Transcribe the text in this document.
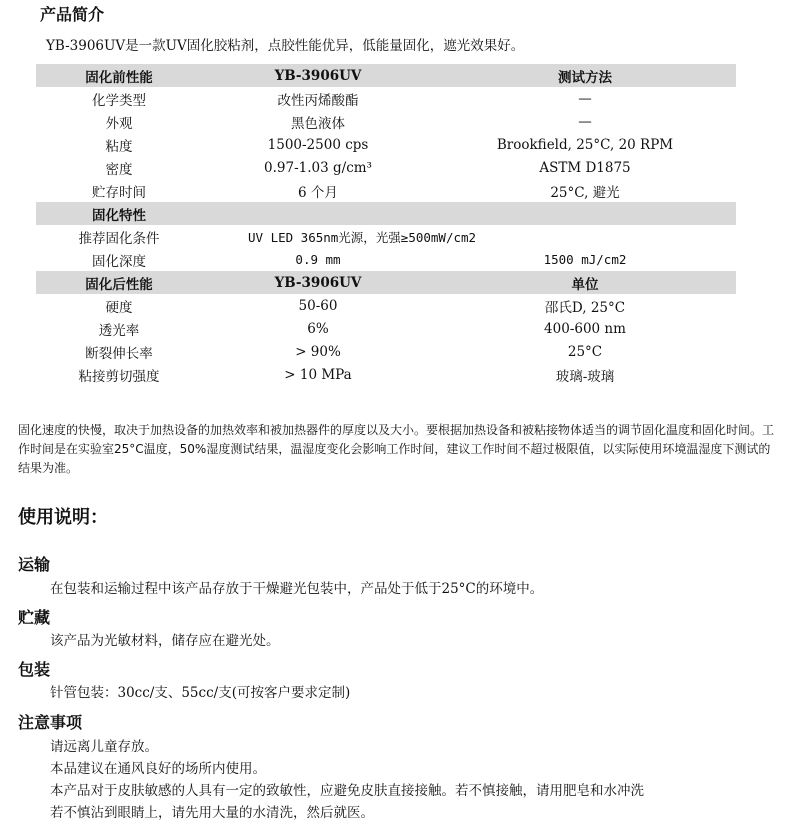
产品简介
YB-3906UV是一款UV固化胶粘剂，点胶性能优异，低能量固化，遮光效果好。
固化前性能	YB-3906UV	测试方法
化学类型	改性丙烯酸酯	—
外观	黑色液体	—
粘度	1500-2500 cps	Brookfield, 25°C, 20 RPM
密度	0.97-1.03 g/cm³	ASTM D1875
贮存时间	6 个月	25°C, 避光
固化特性		
推荐固化条件	UV LED 365nm光源，光强≥500mW/cm2	
固化深度	0.9 mm	1500 mJ/cm2
固化后性能	YB-3906UV	单位
硬度	50-60	邵氏D, 25°C
透光率	6%	400-600 nm
断裂伸长率	> 90%	25°C
粘接剪切强度	> 10 MPa	玻璃-玻璃
固化速度的快慢，取决于加热设备的加热效率和被加热器件的厚度以及大小。要根据加热设备和被粘接物体适当的调节固化温度和固化时间。工作时间是在实验室25°C温度，50%湿度测试结果，温湿度变化会影响工作时间，建议工作时间不超过极限值，以实际使用环境温湿度下测试的结果为准。
使用说明：
运输
在包装和运输过程中该产品存放于干燥避光包装中，产品处于低于25°C的环境中。
贮藏
该产品为光敏材料，储存应在避光处。
包装
针管包装：30cc/支、55cc/支(可按客户要求定制)
注意事项
请远离儿童存放。
本品建议在通风良好的场所内使用。
本产品对于皮肤敏感的人具有一定的致敏性，应避免皮肤直接接触。若不慎接触，请用肥皂和水冲洗
若不慎沾到眼睛上，请先用大量的水清洗，然后就医。
